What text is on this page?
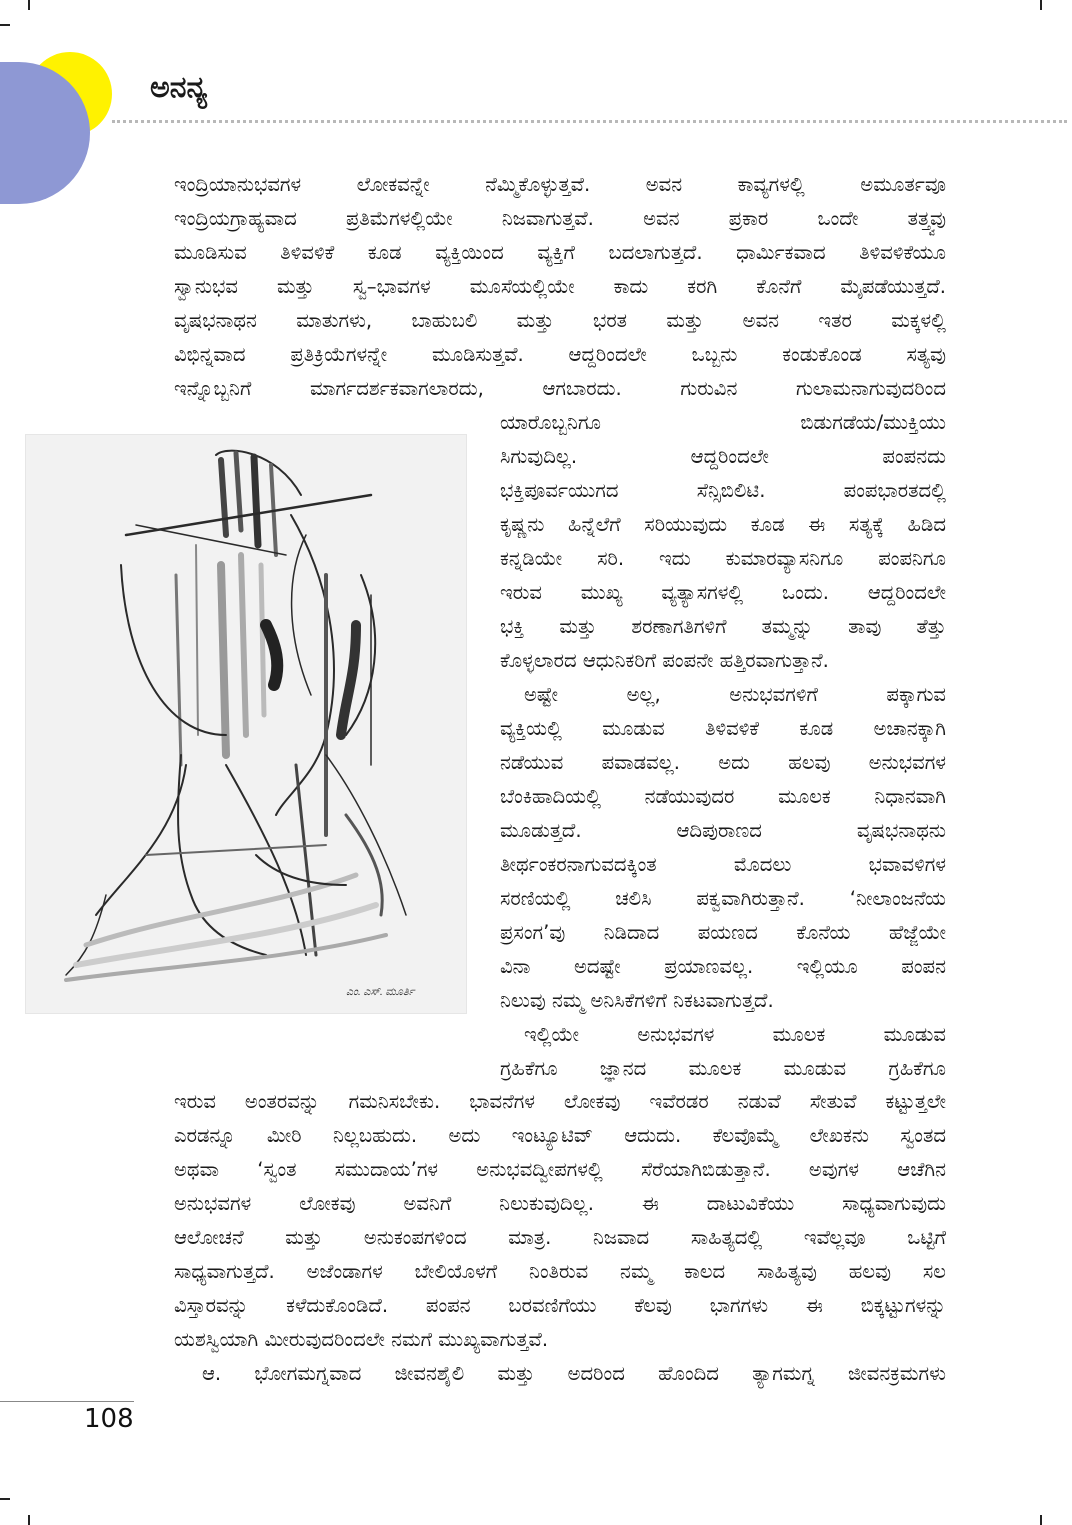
ಅನನ್ಯ
ಇಂದ್ರಿಯಾನುಭವಗಳ ಲೋಕವನ್ನೇ ನೆಮ್ಮಿಕೊಳ್ಳುತ್ತವೆ. ಅವನ ಕಾವ್ಯಗಳಲ್ಲಿ ಅಮೂರ್ತವೂ
ಇಂದ್ರಿಯಗ್ರಾಹ್ಯವಾದ ಪ್ರತಿಮೆಗಳಲ್ಲಿಯೇ ನಿಜವಾಗುತ್ತವೆ. ಅವನ ಪ್ರಕಾರ ಒಂದೇ ತತ್ತ್ವವು
ಮೂಡಿಸುವ ತಿಳಿವಳಿಕೆ ಕೂಡ ವ್ಯಕ್ತಿಯಿಂದ ವ್ಯಕ್ತಿಗೆ ಬದಲಾಗುತ್ತದೆ. ಧಾರ್ಮಿಕವಾದ ತಿಳಿವಳಿಕೆಯೂ
ಸ್ವಾನುಭವ ಮತ್ತು ಸ್ವ–ಭಾವಗಳ ಮೂಸೆಯಲ್ಲಿಯೇ ಕಾದು ಕರಗಿ ಕೊನೆಗೆ ಮೈಪಡೆಯುತ್ತದೆ.
ವೃಷಭನಾಥನ ಮಾತುಗಳು, ಬಾಹುಬಲಿ ಮತ್ತು ಭರತ ಮತ್ತು ಅವನ ಇತರ ಮಕ್ಕಳಲ್ಲಿ
ವಿಭಿನ್ನವಾದ ಪ್ರತಿಕ್ರಿಯೆಗಳನ್ನೇ ಮೂಡಿಸುತ್ತವೆ. ಆದ್ದರಿಂದಲೇ ಒಬ್ಬನು ಕಂಡುಕೊಂಡ ಸತ್ಯವು
ಇನ್ನೊಬ್ಬನಿಗೆ ಮಾರ್ಗದರ್ಶಕವಾಗಲಾರದು, ಆಗಬಾರದು. ಗುರುವಿನ ಗುಲಾಮನಾಗುವುದರಿಂದ
ಎಂ. ಎಸ್. ಮೂರ್ತಿ
ಯಾರೊಬ್ಬನಿಗೂ ಬಿಡುಗಡೆಯ/ಮುಕ್ತಿಯು
ಸಿಗುವುದಿಲ್ಲ. ಆದ್ದರಿಂದಲೇ ಪಂಪನದು
ಭಕ್ತಿಪೂರ್ವಯುಗದ ಸೆನ್ಸಿಬಿಲಿಟಿ. ಪಂಪಭಾರತದಲ್ಲಿ
ಕೃಷ್ಣನು ಹಿನ್ನೆಲೆಗೆ ಸರಿಯುವುದು ಕೂಡ ಈ ಸತ್ಯಕ್ಕೆ ಹಿಡಿದ
ಕನ್ನಡಿಯೇ ಸರಿ. ಇದು ಕುಮಾರವ್ಯಾಸನಿಗೂ ಪಂಪನಿಗೂ
ಇರುವ ಮುಖ್ಯ ವ್ಯತ್ಯಾಸಗಳಲ್ಲಿ ಒಂದು. ಆದ್ದರಿಂದಲೇ
ಭಕ್ತಿ ಮತ್ತು ಶರಣಾಗತಿಗಳಿಗೆ ತಮ್ಮನ್ನು ತಾವು ತೆತ್ತು
ಕೊಳ್ಳಲಾರದ ಆಧುನಿಕರಿಗೆ ಪಂಪನೇ ಹತ್ತಿರವಾಗುತ್ತಾನೆ.
ಅಷ್ಟೇ ಅಲ್ಲ, ಅನುಭವಗಳಿಗೆ ಪಕ್ಕಾಗುವ
ವ್ಯಕ್ತಿಯಲ್ಲಿ ಮೂಡುವ ತಿಳಿವಳಿಕೆ ಕೂಡ ಅಚಾನಕ್ಕಾಗಿ
ನಡೆಯುವ ಪವಾಡವಲ್ಲ. ಅದು ಹಲವು ಅನುಭವಗಳ
ಬೆಂಕಿಹಾದಿಯಲ್ಲಿ ನಡೆಯುವುದರ ಮೂಲಕ ನಿಧಾನವಾಗಿ
ಮೂಡುತ್ತದೆ. ಆದಿಪುರಾಣದ ವೃಷಭನಾಥನು
ತೀರ್ಥಂಕರನಾಗುವದಕ್ಕಿಂತ ಮೊದಲು ಭವಾವಳಿಗಳ
ಸರಣಿಯಲ್ಲಿ ಚಲಿಸಿ ಪಕ್ವವಾಗಿರುತ್ತಾನೆ. ‘ನೀಲಾಂಜನೆಯ
ಪ್ರಸಂಗ’ವು ನಿಡಿದಾದ ಪಯಣದ ಕೊನೆಯ ಹೆಜ್ಜೆಯೇ
ವಿನಾ ಅದಷ್ಟೇ ಪ್ರಯಾಣವಲ್ಲ. ಇಲ್ಲಿಯೂ ಪಂಪನ
ನಿಲುವು ನಮ್ಮ ಅನಿಸಿಕೆಗಳಿಗೆ ನಿಕಟವಾಗುತ್ತದೆ.
ಇಲ್ಲಿಯೇ ಅನುಭವಗಳ ಮೂಲಕ ಮೂಡುವ
ಗ್ರಹಿಕೆಗೂ ಜ್ಞಾನದ ಮೂಲಕ ಮೂಡುವ ಗ್ರಹಿಕೆಗೂ
ಇರುವ ಅಂತರವನ್ನು ಗಮನಿಸಬೇಕು. ಭಾವನೆಗಳ ಲೋಕವು ಇವೆರಡರ ನಡುವೆ ಸೇತುವೆ ಕಟ್ಟುತ್ತಲೇ
ಎರಡನ್ನೂ ಮೀರಿ ನಿಲ್ಲಬಹುದು. ಅದು ಇಂಟ್ಯೂಟಿವ್ ಆದುದು. ಕೆಲವೊಮ್ಮೆ ಲೇಖಕನು ಸ್ವಂತದ
ಅಥವಾ ‘ಸ್ವಂತ ಸಮುದಾಯ’ಗಳ ಅನುಭವದ್ವೀಪಗಳಲ್ಲಿ ಸೆರೆಯಾಗಿಬಿಡುತ್ತಾನೆ. ಅವುಗಳ ಆಚೆಗಿನ
ಅನುಭವಗಳ ಲೋಕವು ಅವನಿಗೆ ನಿಲುಕುವುದಿಲ್ಲ. ಈ ದಾಟುವಿಕೆಯು ಸಾಧ್ಯವಾಗುವುದು
ಆಲೋಚನೆ ಮತ್ತು ಅನುಕಂಪಗಳಿಂದ ಮಾತ್ರ. ನಿಜವಾದ ಸಾಹಿತ್ಯದಲ್ಲಿ ಇವೆಲ್ಲವೂ ಒಟ್ಟಿಗೆ
ಸಾಧ್ಯವಾಗುತ್ತದೆ. ಅಜೆಂಡಾಗಳ ಬೇಲಿಯೊಳಗೆ ನಿಂತಿರುವ ನಮ್ಮ ಕಾಲದ ಸಾಹಿತ್ಯವು ಹಲವು ಸಲ
ವಿಸ್ತಾರವನ್ನು ಕಳೆದುಕೊಂಡಿದೆ. ಪಂಪನ ಬರವಣಿಗೆಯು ಕೆಲವು ಭಾಗಗಳು ಈ ಬಿಕ್ಕಟ್ಟುಗಳನ್ನು
ಯಶಸ್ವಿಯಾಗಿ ಮೀರುವುದರಿಂದಲೇ ನಮಗೆ ಮುಖ್ಯವಾಗುತ್ತವೆ.
ಆ. ಭೋಗಮಗ್ನವಾದ ಜೀವನಶೈಲಿ ಮತ್ತು ಅದರಿಂದ ಹೊಂದಿದ ತ್ಯಾಗಮಗ್ನ ಜೀವನಕ್ರಮಗಳು
108
